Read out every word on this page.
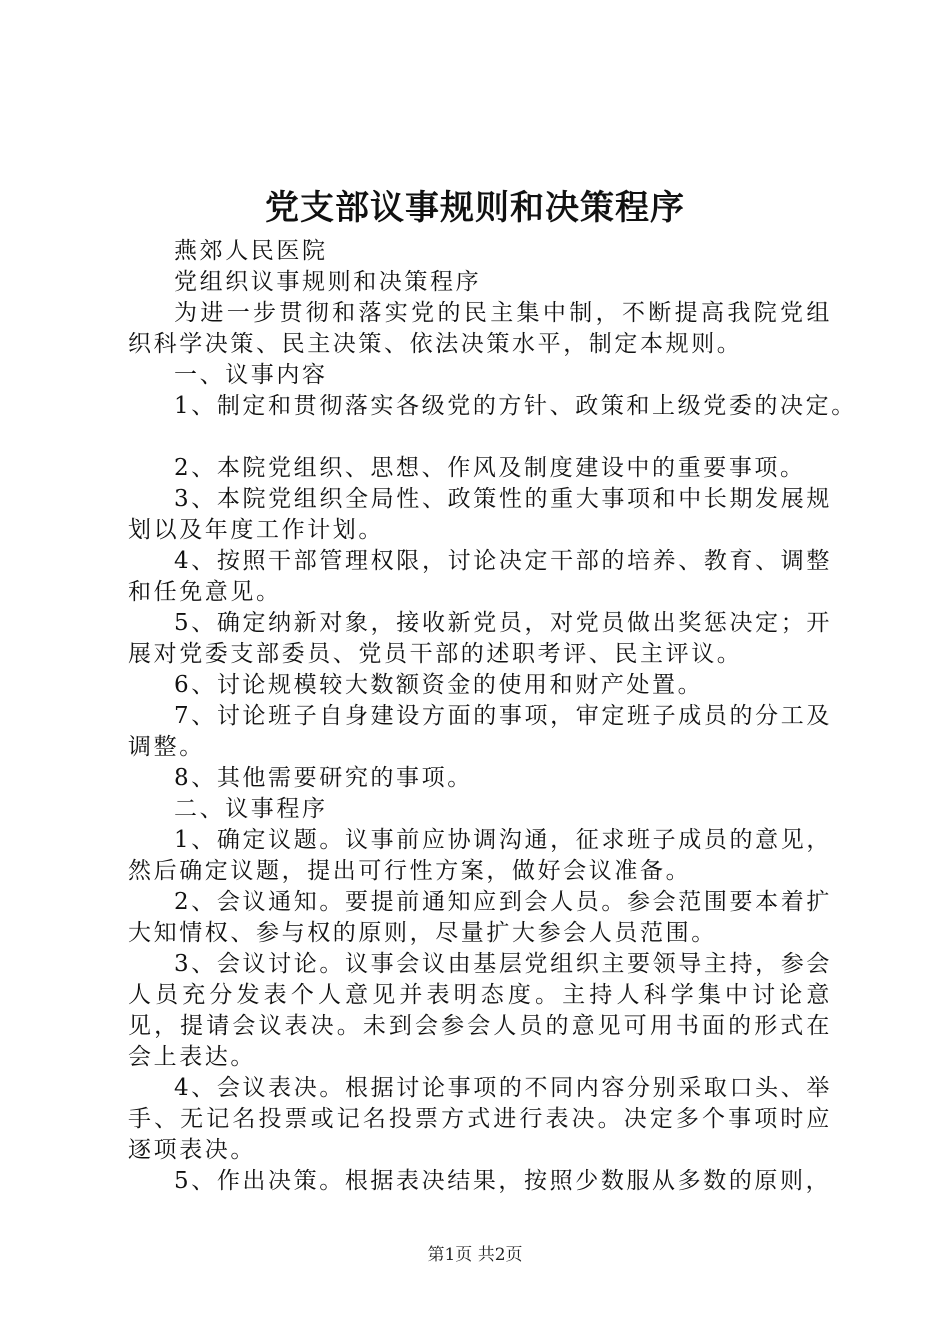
党支部议事规则和决策程序

燕郊人民医院

党组织议事规则和决策程序

为进一步贯彻和落实党的民主集中制，不断提高我院党组织科学决策、民主决策、依法决策水平，制定本规则。

一、议事内容

1、制定和贯彻落实各级党的方针、政策和上级党委的决定。

2、本院党组织、思想、作风及制度建设中的重要事项。

3、本院党组织全局性、政策性的重大事项和中长期发展规划以及年度工作计划。

4、按照干部管理权限，讨论决定干部的培养、教育、调整和任免意见。

5、确定纳新对象，接收新党员，对党员做出奖惩决定；开展对党委支部委员、党员干部的述职考评、民主评议。

6、讨论规模较大数额资金的使用和财产处置。

7、讨论班子自身建设方面的事项，审定班子成员的分工及调整。

8、其他需要研究的事项。

二、议事程序

1、确定议题。议事前应协调沟通，征求班子成员的意见，然后确定议题，提出可行性方案，做好会议准备。

2、会议通知。要提前通知应到会人员。参会范围要本着扩大知情权、参与权的原则，尽量扩大参会人员范围。

3、会议讨论。议事会议由基层党组织主要领导主持，参会人员充分发表个人意见并表明态度。主持人科学集中讨论意见，提请会议表决。未到会参会人员的意见可用书面的形式在会上表达。

4、会议表决。根据讨论事项的不同内容分别采取口头、举手、无记名投票或记名投票方式进行表决。决定多个事项时应逐项表决。

5、作出决策。根据表决结果，按照少数服从多数的原则，

第1页 共2页
